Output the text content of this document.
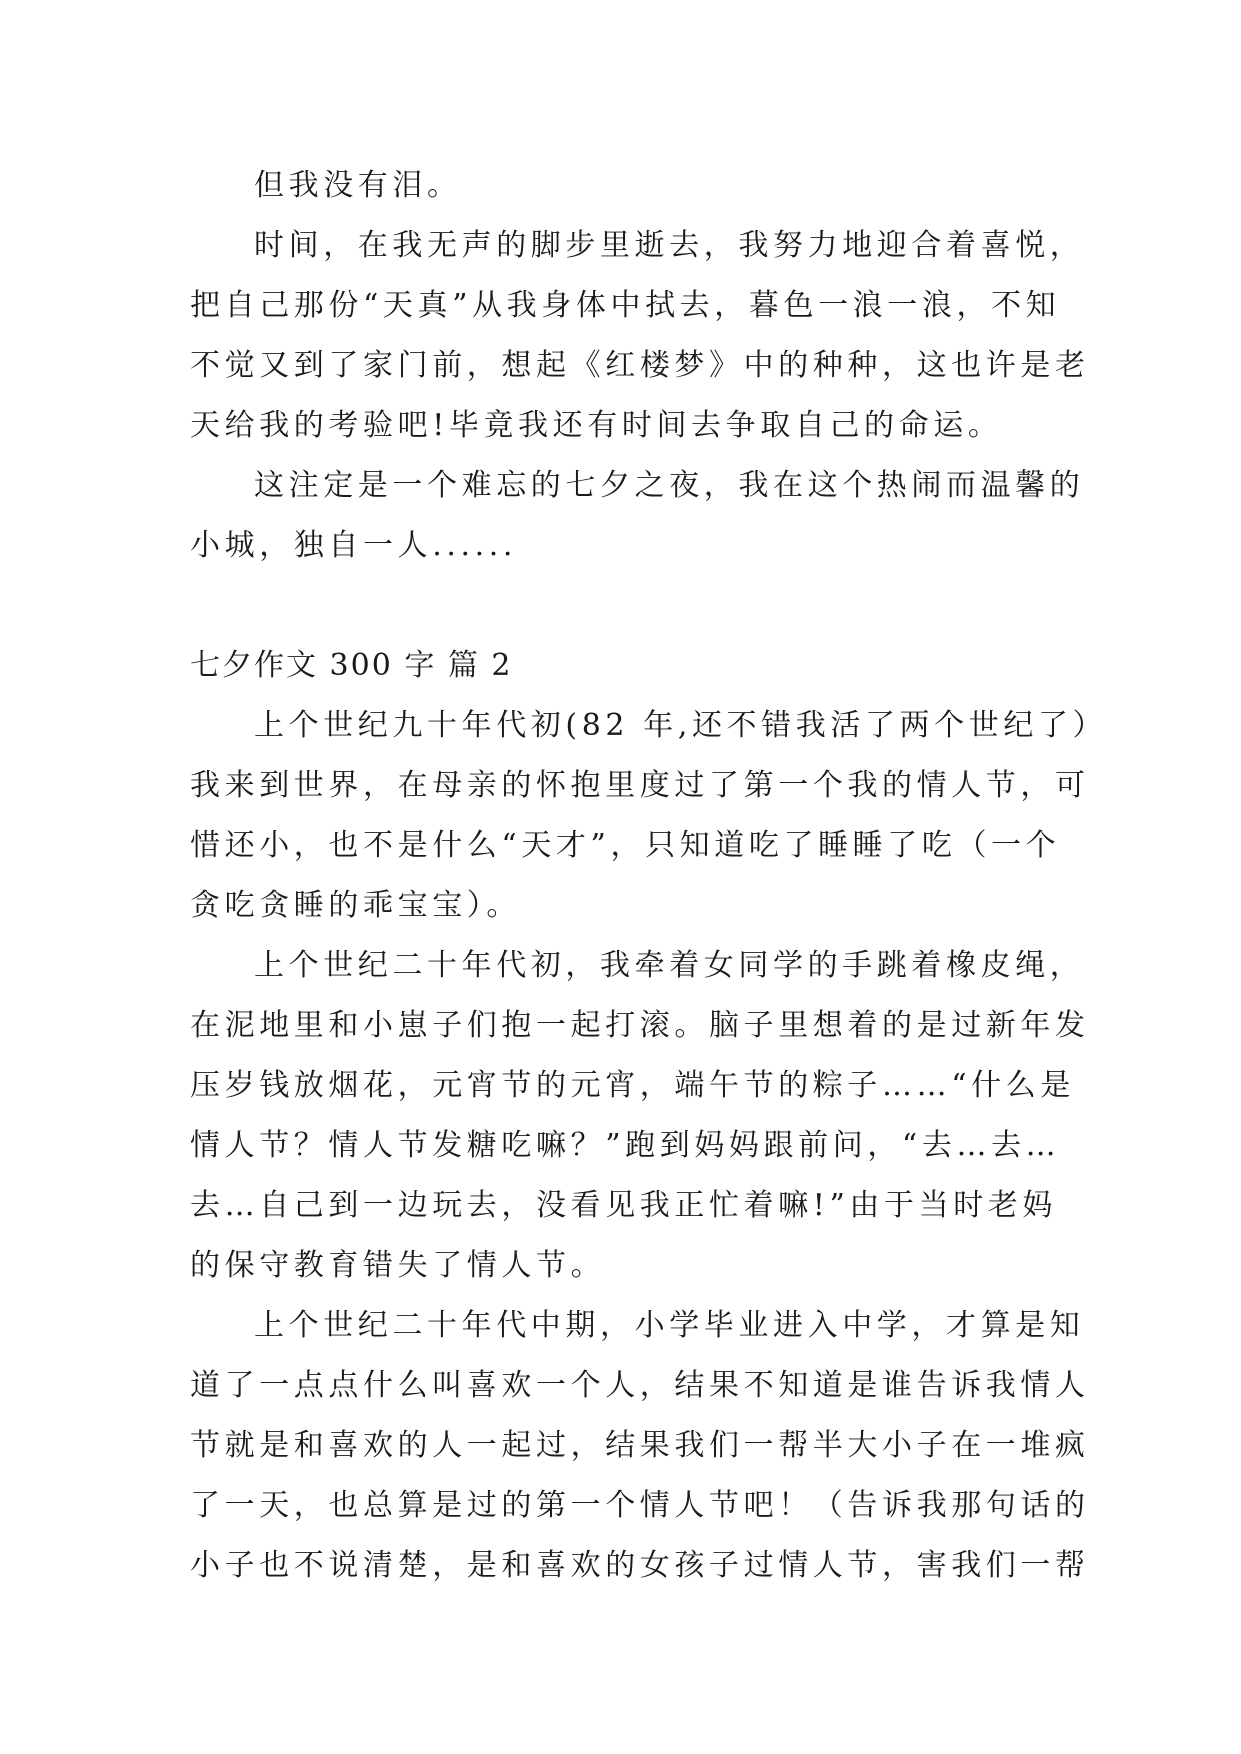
但我没有泪。
时间，在我无声的脚步里逝去，我努力地迎合着喜悦，
把自己那份“天真”从我身体中拭去，暮色一浪一浪，不知
不觉又到了家门前，想起《红楼梦》中的种种，这也许是老
天给我的考验吧!毕竟我还有时间去争取自己的命运。
这注定是一个难忘的七夕之夜，我在这个热闹而温馨的
小城，独自一人......
七夕作文 300 字 篇 2
上个世纪九十年代初(82 年,还不错我活了两个世纪了）
我来到世界，在母亲的怀抱里度过了第一个我的情人节，可
惜还小，也不是什么“天才”，只知道吃了睡睡了吃（一个
贪吃贪睡的乖宝宝）。
上个世纪二十年代初，我牵着女同学的手跳着橡皮绳，
在泥地里和小崽子们抱一起打滚。脑子里想着的是过新年发
压岁钱放烟花，元宵节的元宵，端午节的粽子……“什么是
情人节？情人节发糖吃嘛？”跑到妈妈跟前问，“去…去…
去…自己到一边玩去，没看见我正忙着嘛!”由于当时老妈
的保守教育错失了情人节。
上个世纪二十年代中期，小学毕业进入中学，才算是知
道了一点点什么叫喜欢一个人，结果不知道是谁告诉我情人
节就是和喜欢的人一起过，结果我们一帮半大小子在一堆疯
了一天，也总算是过的第一个情人节吧！（告诉我那句话的
小子也不说清楚，是和喜欢的女孩子过情人节，害我们一帮
